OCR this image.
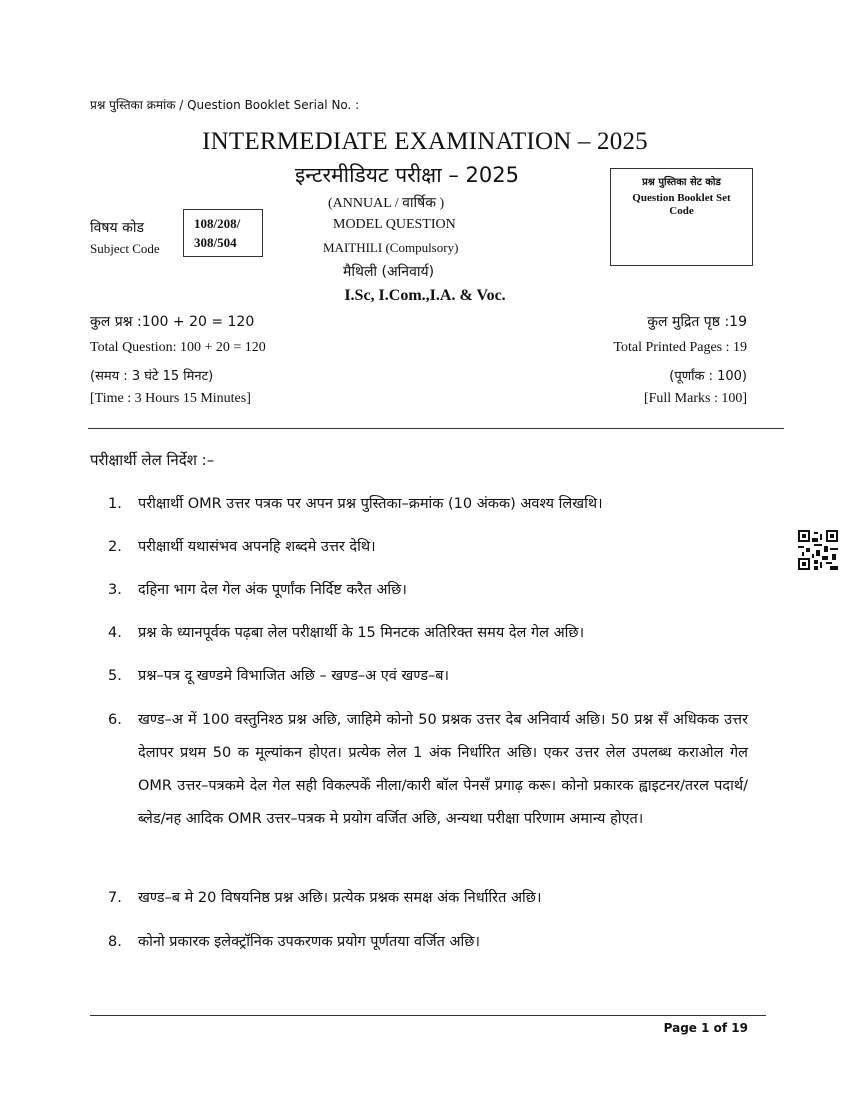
प्रश्न पुस्तिका क्रमांक / Question Booklet Serial No. :
INTERMEDIATE EXAMINATION – 2025
इन्टरमीडियट परीक्षा – 2025
(ANNUAL / वार्षिक )
MODEL QUESTION
MAITHILI (Compulsory)
मैथिली (अनिवार्य)
I.Sc, I.Com.,I.A. & Voc.
विषय कोड
Subject Code
108/208/
308/504
प्रश्न पुस्तिका सेट कोड
Question Booklet Set
Code
कुल प्रश्न :100 + 20 = 120
Total Question: 100 + 20 = 120
(समय : 3 घंटे 15 मिनट)
[Time : 3 Hours 15 Minutes]
कुल मुद्रित पृष्ठ :19
Total Printed Pages : 19
(पूर्णांक : 100)
[Full Marks : 100]
परीक्षार्थी लेल निर्देश :–
1.	परीक्षार्थी OMR उत्तर पत्रक पर अपन प्रश्न पुस्तिका–क्रमांक (10 अंकक) अवश्य लिखथि।
2.	परीक्षार्थी यथासंभव अपनहि शब्दमे उत्तर देथि।
3.	दहिना भाग देल गेल अंक पूर्णांक निर्दिष्ट करैत अछि।
4.	प्रश्न के ध्यानपूर्वक पढ़बा लेल परीक्षार्थी के 15 मिनटक अतिरिक्त समय देल गेल अछि।
5.	प्रश्न–पत्र दू खण्डमे विभाजित अछि – खण्ड–अ एवं खण्ड–ब।
6.	खण्ड–अ में 100 वस्तुनिश्ठ प्रश्न अछि, जाहिमे कोनो 50 प्रश्नक उत्तर देब अनिवार्य अछि। 50 प्रश्न सँ अधिकक उत्तर देलापर प्रथम 50 क मूल्यांकन होएत। प्रत्येक लेल 1 अंक निर्धारित अछि। एकर उत्तर लेल उपलब्ध कराओल गेल OMR उत्तर–पत्रकमे देल गेल सही विकल्पकेँ नीला/कारी बॉल पेनसँ प्रगाढ़ करू। कोनो प्रकारक ह्वाइटनर/तरल पदार्थ/ब्लेड/नह आदिक OMR उत्तर–पत्रक मे प्रयोग वर्जित अछि, अन्यथा परीक्षा परिणाम अमान्य होएत।
7.	खण्ड–ब मे 20 विषयनिष्ठ प्रश्न अछि। प्रत्येक प्रश्नक समक्ष अंक निर्धारित अछि।
8.	कोनो प्रकारक इलेक्ट्रॉनिक उपकरणक प्रयोग पूर्णतया वर्जित अछि।
Page 1 of 19
